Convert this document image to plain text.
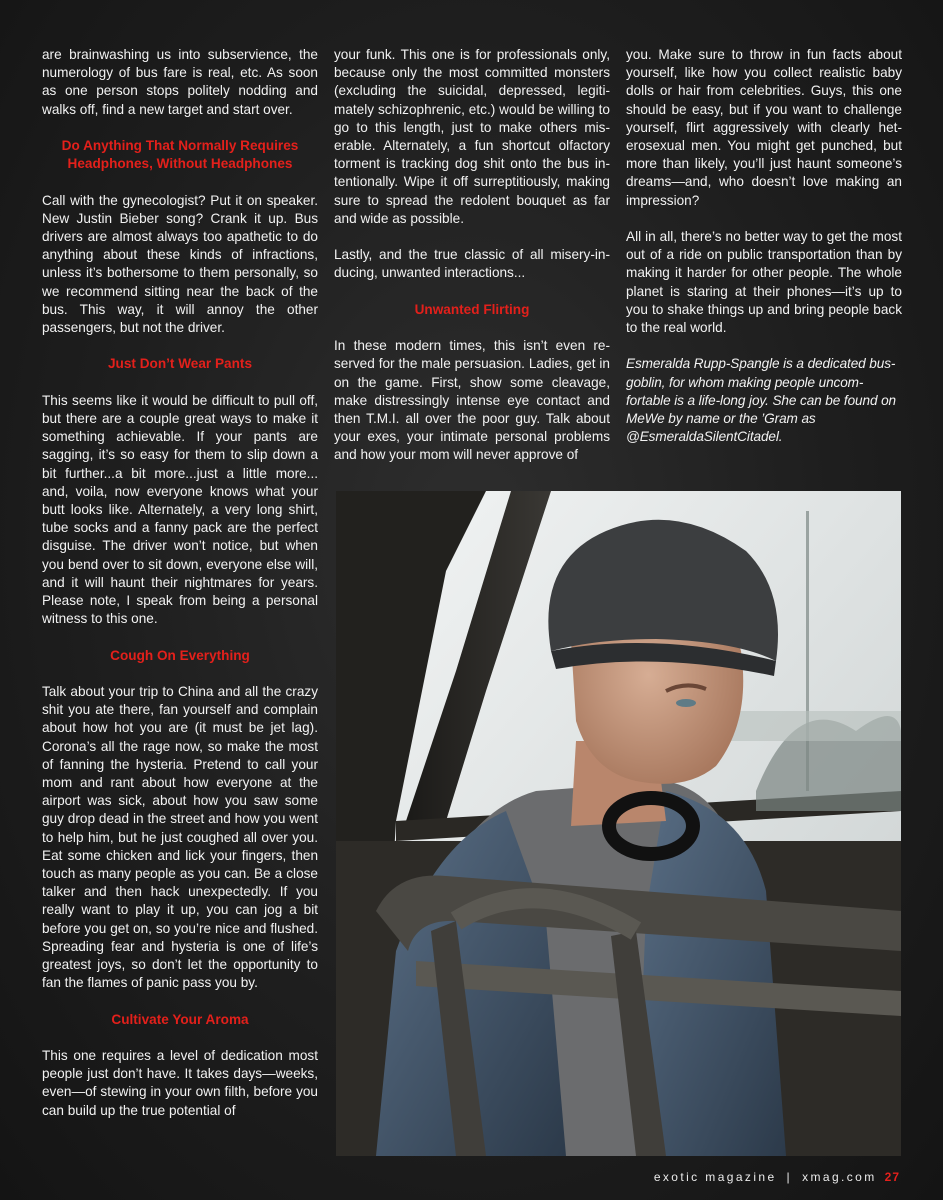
are brainwashing us into subservience, the numerology of bus fare is real, etc. As soon as one person stops politely nodding and walks off, find a new target and start over.

Do Anything That Normally Requires Headphones, Without Headphones

Call with the gynecologist? Put it on speaker. New Justin Bieber song? Crank it up. Bus drivers are almost always too apathetic to do anything about these kinds of infractions, unless it’s bothersome to them personally, so we recommend sitting near the back of the bus. This way, it will annoy the other passengers, but not the driver.

Just Don’t Wear Pants

This seems like it would be difficult to pull off, but there are a couple great ways to make it something achievable. If your pants are sagging, it’s so easy for them to slip down a bit further...a bit more...just a little more... and, voila, now everyone knows what your butt looks like. Alternately, a very long shirt, tube socks and a fanny pack are the perfect disguise. The driver won’t notice, but when you bend over to sit down, everyone else will, and it will haunt their nightmares for years. Please note, I speak from being a personal witness to this one.

Cough On Everything

Talk about your trip to China and all the crazy shit you ate there, fan yourself and complain about how hot you are (it must be jet lag). Corona’s all the rage now, so make the most of fanning the hysteria. Pretend to call your mom and rant about how everyone at the airport was sick, about how you saw some guy drop dead in the street and how you went to help him, but he just coughed all over you. Eat some chicken and lick your fingers, then touch as many people as you can. Be a close talker and then hack unexpectedly. If you really want to play it up, you can jog a bit before you get on, so you’re nice and flushed. Spreading fear and hysteria is one of life’s greatest joys, so don’t let the opportunity to fan the flames of panic pass you by.

Cultivate Your Aroma

This one requires a level of dedication most people just don’t have. It takes days—weeks, even—of stewing in your own filth, before you can build up the true potential of

your funk. This one is for professionals only, because only the most committed monsters (excluding the suicidal, depressed, legitimately schizophrenic, etc.) would be willing to go to this length, just to make others miserable. Alternately, a fun shortcut olfactory torment is tracking dog shit onto the bus intentionally. Wipe it off surreptitiously, making sure to spread the redolent bouquet as far and wide as possible.

Lastly, and the true classic of all misery-inducing, unwanted interactions...

Unwanted Flirting

In these modern times, this isn’t even reserved for the male persuasion. Ladies, get in on the game. First, show some cleavage, make distressingly intense eye contact and then T.M.I. all over the poor guy. Talk about your exes, your intimate personal problems and how your mom will never approve of

you. Make sure to throw in fun facts about yourself, like how you collect realistic baby dolls or hair from celebrities. Guys, this one should be easy, but if you want to challenge yourself, flirt aggressively with clearly heterosexual men. You might get punched, but more than likely, you’ll just haunt someone’s dreams—and, who doesn’t love making an impression?

All in all, there’s no better way to get the most out of a ride on public transportation than by making it harder for other people. The whole planet is staring at their phones—it’s up to you to shake things up and bring people back to the real world.

Esmeralda Rupp-Spangle is a dedicated bus-goblin, for whom making people uncomfortable is a life-long joy. She can be found on MeWe by name or the ’Gram as @EsmeraldaSilentCitadel.

exotic magazine | xmag.com 27
